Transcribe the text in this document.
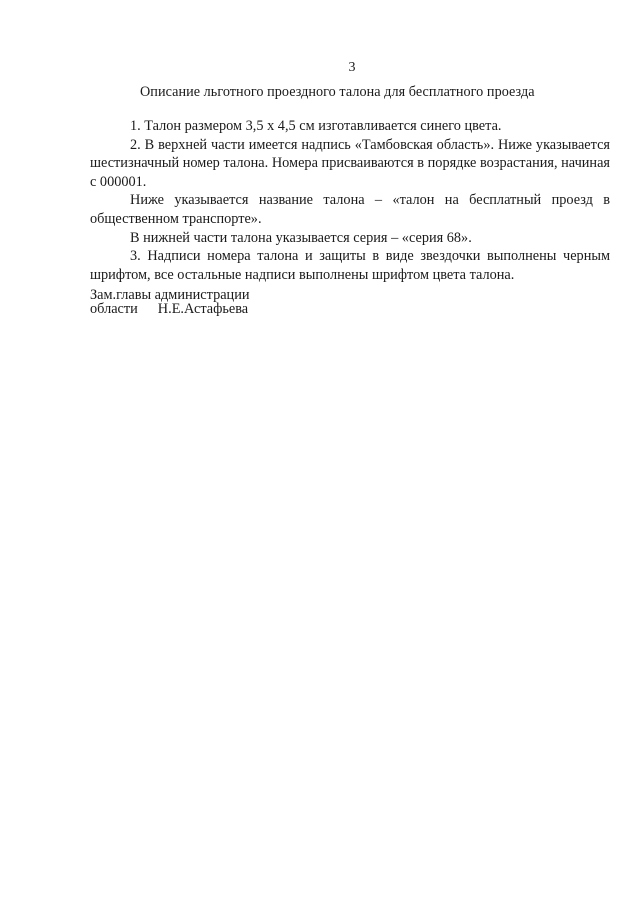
3
Описание льготного проездного талона для бесплатного проезда

1. Талон размером 3,5 х 4,5 см изготавливается синего цвета.

2. В верхней части имеется надпись «Тамбовская область». Ниже указывается шестизначный номер талона. Номера присваиваются в порядке возрастания, начиная с 000001.

Ниже указывается название талона – «талон на бесплатный проезд в общественном транспорте».

В нижней части талона указывается серия – «серия 68».

3. Надписи номера талона и защиты в виде звездочки выполнены черным шрифтом, все остальные надписи выполнены шрифтом цвета талона.

Зам.главы администрации
области Н.Е.Астафьева
